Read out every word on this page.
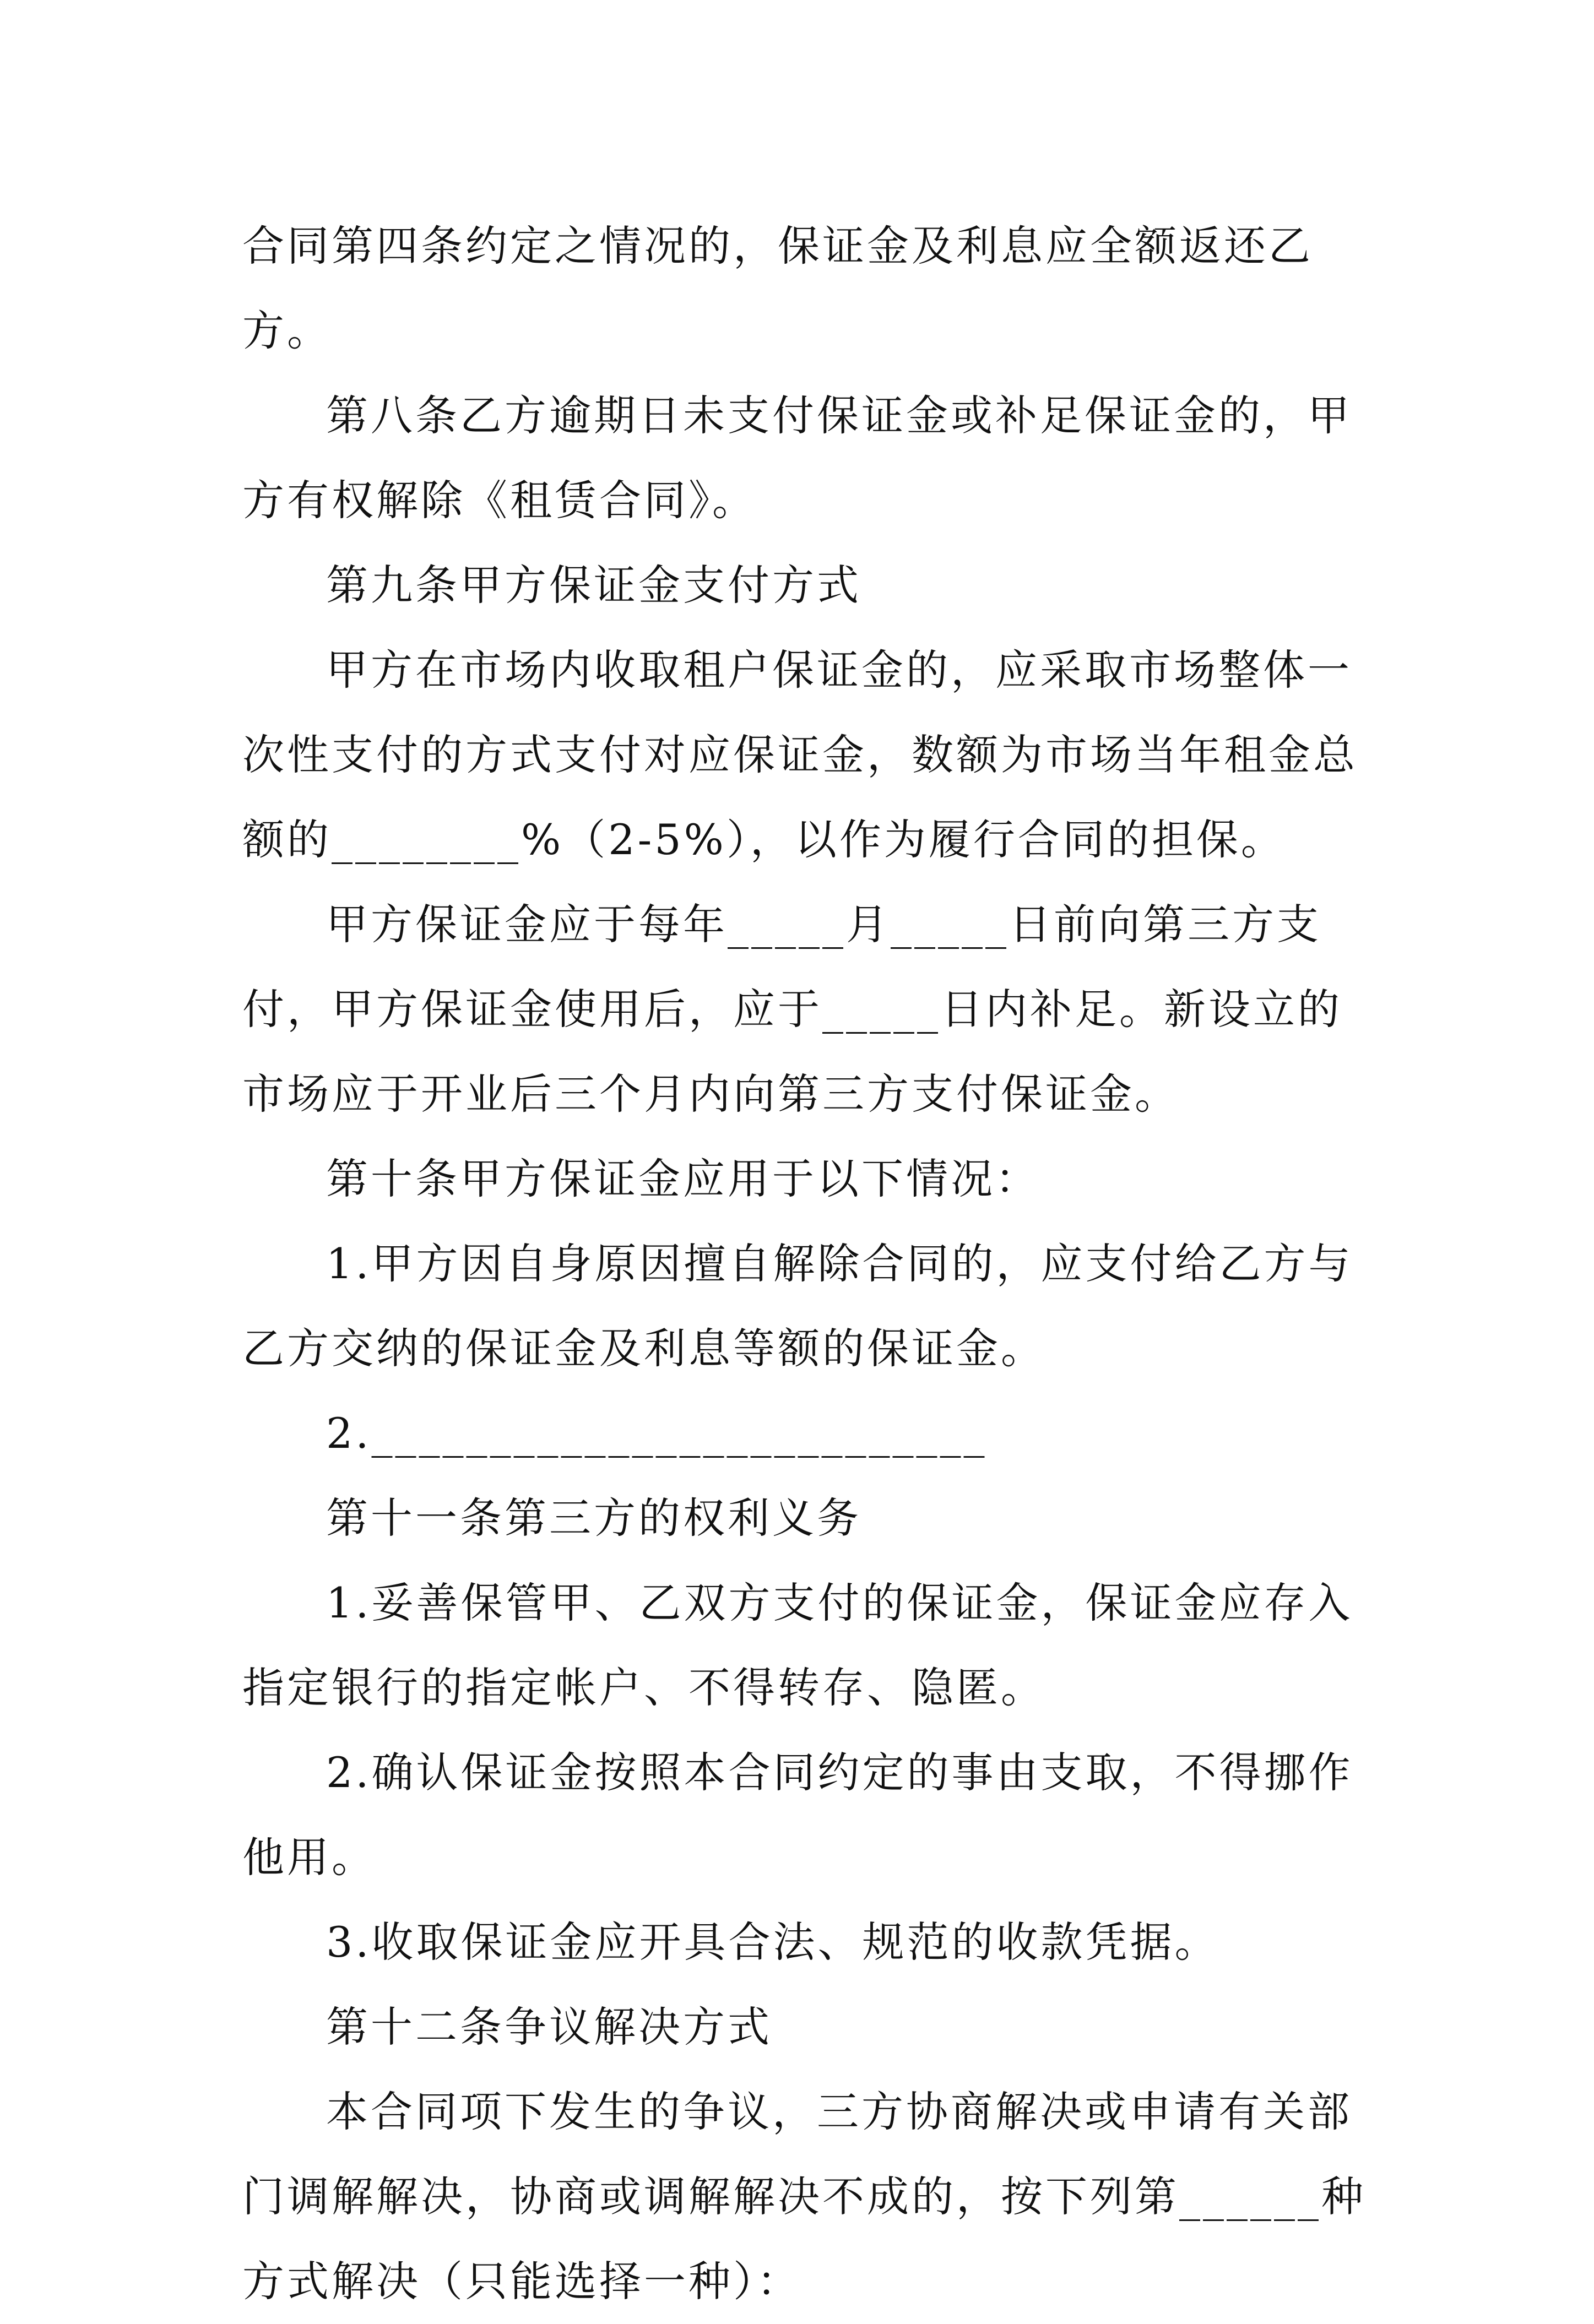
合同第四条约定之情况的，保证金及利息应全额返还乙方。

第八条乙方逾期日未支付保证金或补足保证金的，甲方有权解除《租赁合同》。

第九条甲方保证金支付方式

甲方在市场内收取租户保证金的，应采取市场整体一次性支付的方式支付对应保证金，数额为市场当年租金总额的________%（2-5%），以作为履行合同的担保。

甲方保证金应于每年_____月_____日前向第三方支付，甲方保证金使用后，应于_____日内补足。新设立的市场应于开业后三个月内向第三方支付保证金。

第十条甲方保证金应用于以下情况：

1.甲方因自身原因擅自解除合同的，应支付给乙方与乙方交纳的保证金及利息等额的保证金。

2.__________________________

第十一条第三方的权利义务

1.妥善保管甲、乙双方支付的保证金，保证金应存入指定银行的指定帐户、不得转存、隐匿。

2.确认保证金按照本合同约定的事由支取，不得挪作他用。

3.收取保证金应开具合法、规范的收款凭据。

第十二条争议解决方式

本合同项下发生的争议，三方协商解决或申请有关部门调解解决，协商或调解解决不成的，按下列第______种方式解决（只能选择一种）：
